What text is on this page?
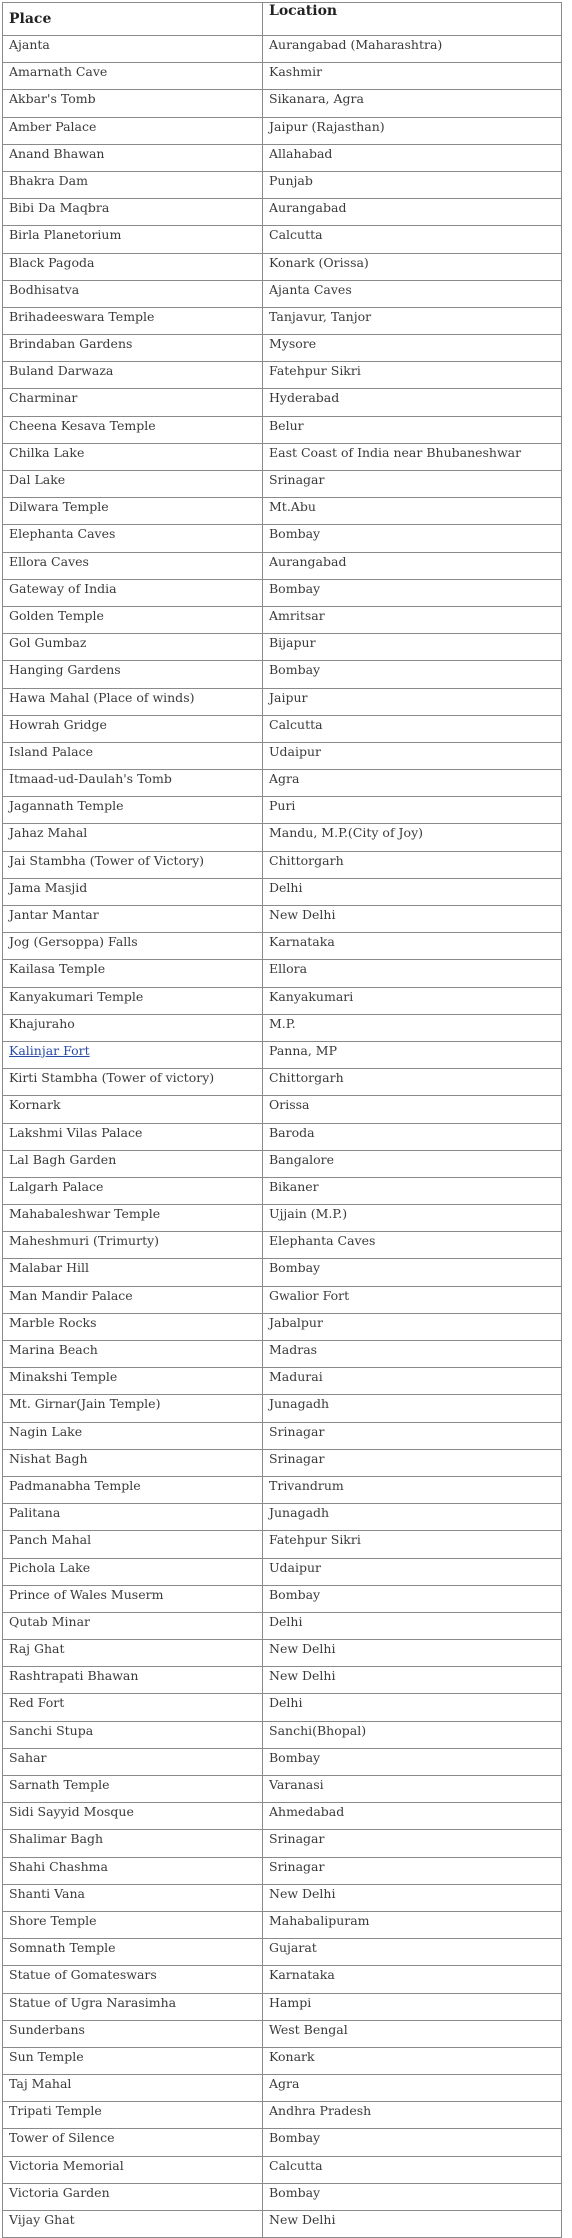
Place	Location
Ajanta	Aurangabad (Maharashtra)
Amarnath Cave	Kashmir
Akbar's Tomb	Sikanara, Agra
Amber Palace	Jaipur (Rajasthan)
Anand Bhawan	Allahabad
Bhakra Dam	Punjab
Bibi Da Maqbra	Aurangabad
Birla Planetorium	Calcutta
Black Pagoda	Konark (Orissa)
Bodhisatva	Ajanta Caves
Brihadeeswara Temple	Tanjavur, Tanjor
Brindaban Gardens	Mysore
Buland Darwaza	Fatehpur Sikri
Charminar	Hyderabad
Cheena Kesava Temple	Belur
Chilka Lake	East Coast of India near Bhubaneshwar
Dal Lake	Srinagar
Dilwara Temple	Mt.Abu
Elephanta Caves	Bombay
Ellora Caves	Aurangabad
Gateway of India	Bombay
Golden Temple	Amritsar
Gol Gumbaz	Bijapur
Hanging Gardens	Bombay
Hawa Mahal (Place of winds)	Jaipur
Howrah Gridge	Calcutta
Island Palace	Udaipur
Itmaad-ud-Daulah's Tomb	Agra
Jagannath Temple	Puri
Jahaz Mahal	Mandu, M.P.(City of Joy)
Jai Stambha (Tower of Victory)	Chittorgarh
Jama Masjid	Delhi
Jantar Mantar	New Delhi
Jog (Gersoppa) Falls	Karnataka
Kailasa Temple	Ellora
Kanyakumari Temple	Kanyakumari
Khajuraho	M.P.
Kalinjar Fort	Panna, MP
Kirti Stambha (Tower of victory)	Chittorgarh
Kornark	Orissa
Lakshmi Vilas Palace	Baroda
Lal Bagh Garden	Bangalore
Lalgarh Palace	Bikaner
Mahabaleshwar Temple	Ujjain (M.P.)
Maheshmuri (Trimurty)	Elephanta Caves
Malabar Hill	Bombay
Man Mandir Palace	Gwalior Fort
Marble Rocks	Jabalpur
Marina Beach	Madras
Minakshi Temple	Madurai
Mt. Girnar(Jain Temple)	Junagadh
Nagin Lake	Srinagar
Nishat Bagh	Srinagar
Padmanabha Temple	Trivandrum
Palitana	Junagadh
Panch Mahal	Fatehpur Sikri
Pichola Lake	Udaipur
Prince of Wales Muserm	Bombay
Qutab Minar	Delhi
Raj Ghat	New Delhi
Rashtrapati Bhawan	New Delhi
Red Fort	Delhi
Sanchi Stupa	Sanchi(Bhopal)
Sahar	Bombay
Sarnath Temple	Varanasi
Sidi Sayyid Mosque	Ahmedabad
Shalimar Bagh	Srinagar
Shahi Chashma	Srinagar
Shanti Vana	New Delhi
Shore Temple	Mahabalipuram
Somnath Temple	Gujarat
Statue of Gomateswars	Karnataka
Statue of Ugra Narasimha	Hampi
Sunderbans	West Bengal
Sun Temple	Konark
Taj Mahal	Agra
Tripati Temple	Andhra Pradesh
Tower of Silence	Bombay
Victoria Memorial	Calcutta
Victoria Garden	Bombay
Vijay Ghat	New Delhi
